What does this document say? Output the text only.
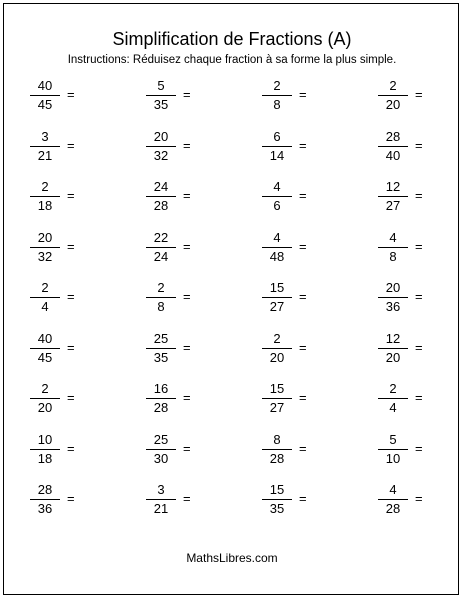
Simplification de Fractions (A)
Instructions: Réduisez chaque fraction à sa forme la plus simple.
40
45
=
5
35
=
2
8
=
2
20
=
3
21
=
20
32
=
6
14
=
28
40
=
2
18
=
24
28
=
4
6
=
12
27
=
20
32
=
22
24
=
4
48
=
4
8
=
2
4
=
2
8
=
15
27
=
20
36
=
40
45
=
25
35
=
2
20
=
12
20
=
2
20
=
16
28
=
15
27
=
2
4
=
10
18
=
25
30
=
8
28
=
5
10
=
28
36
=
3
21
=
15
35
=
4
28
=
MathsLibres.com
